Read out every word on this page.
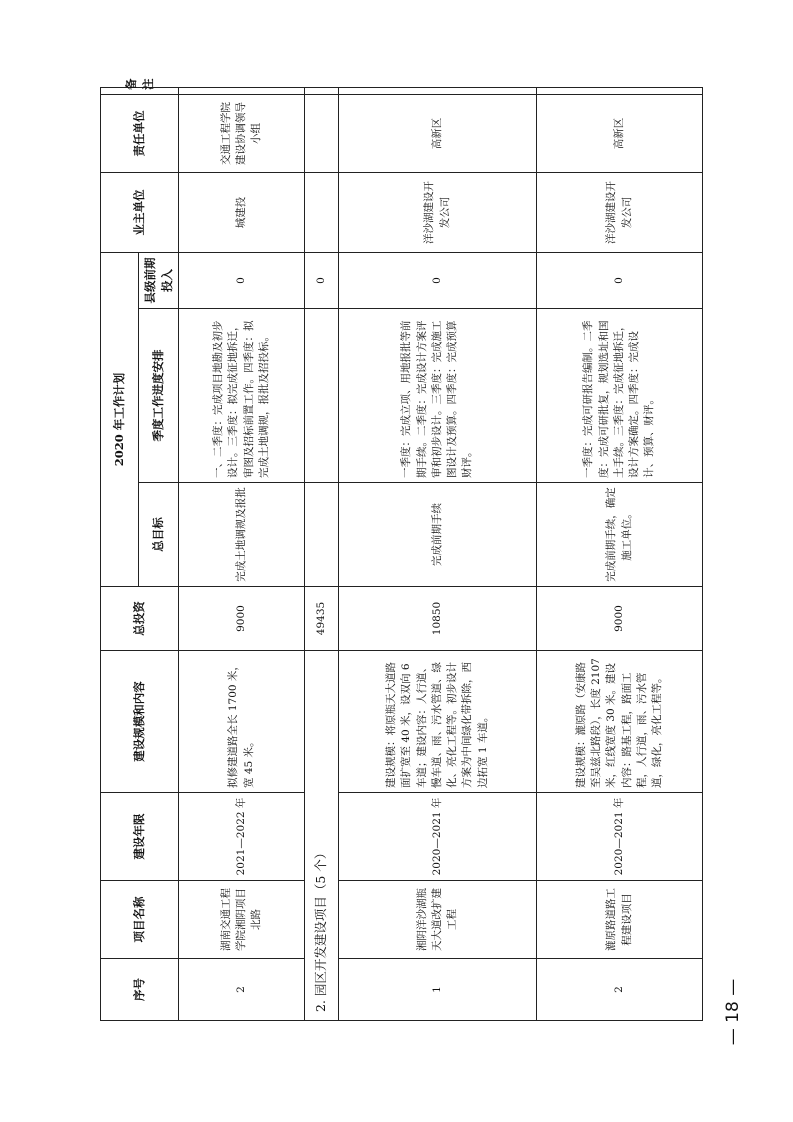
序号	项目名称	建设年限	建设规模和内容	总投资	2020 年工作计划			业主单位	责任单位	备 注
					总目标	季度工作进度安排	县级前期投入			
2	湖南交通工程学院湘阴项目北路	2021—2022 年	拟修建道路全长 1700 米，宽 45 米。	9000	完成土地调规及报批	一、二季度：完成项目地勘及初步设计。三季度：拟完成征地拆迁，审图及招标前置工作。四季度：拟完成土地调规，报批及招投标。	0	城建投	交通工程学院建设协调领导小组	
2. 园区开发建设项目（5 个）				49435			0			
1	湘阴洋沙湖瓶天大道改扩建工程	2020—2021 年	建设规模：将原瓶天大道路面扩宽至 40 米，设双向 6 车道；建设内容：人行道、慢车道、雨、污水管道、绿化、亮化工程等。初步设计方案为中间绿化带拆除，西边拓宽 1 车道。	10850	完成前期手续	一季度：完成立项、用地报批等前期手续。二季度：完成设计方案评审和初步设计。三季度：完成施工图设计及预算。四季度：完成预算财评。	0	洋沙湖建设开发公司	高新区	
2	漉原路道路工程建设项目	2020—2021 年	建设规模：漉原路（安康路至吴兹北路段），长度 2107 米，红线宽度 30 米。建设内容：路基工程，路面工程，人行道，雨、污水管道，绿化，亮化工程等。	9000	完成前期手续，确定施工单位。	一季度：完成可研报告编制。二季度：完成可研批复，规划选址和国土手续。三季度：完成征地拆迁，设计方案确定。四季度：完成设计、预算、财评。	0	洋沙湖建设开发公司	高新区	
— 18 —
